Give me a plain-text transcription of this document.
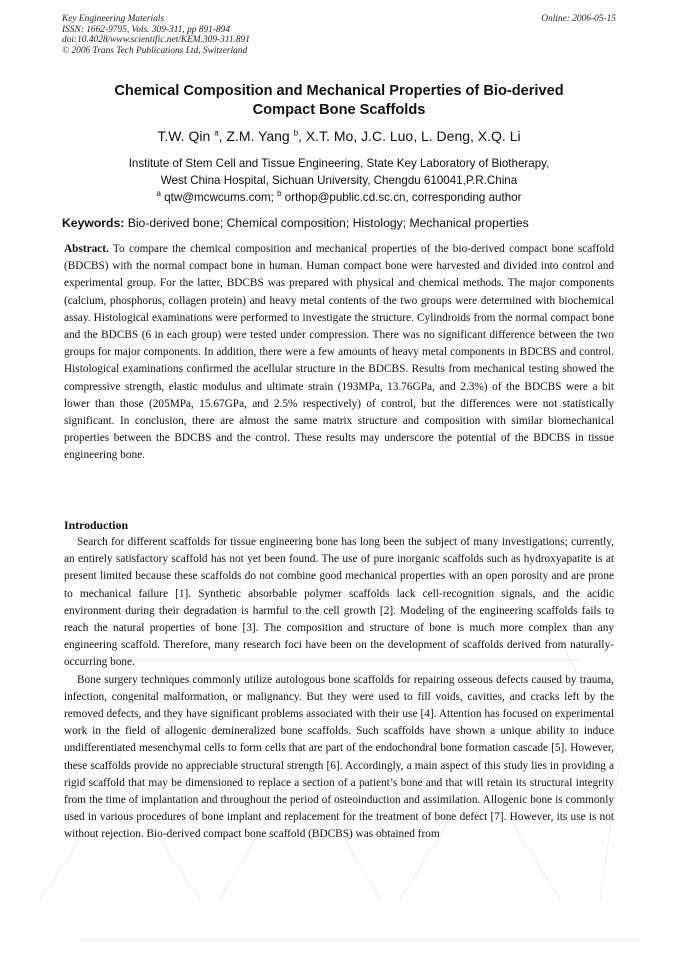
Key Engineering Materials
ISSN: 1662-9795, Vols. 309-311, pp 891-894
doi:10.4028/www.scientific.net/KEM.309-311.891
© 2006 Trans Tech Publications Ltd, Switzerland
Online: 2006-05-15
Chemical Composition and Mechanical Properties of Bio-derived
Compact Bone Scaffolds
T.W. Qin $^a$, Z.M. Yang $^b$, X.T. Mo, J.C. Luo, L. Deng, X.Q. Li
Institute of Stem Cell and Tissue Engineering, State Key Laboratory of Biotherapy,
West China Hospital, Sichuan University, Chengdu 610041,P.R.China
$^a$ qtw@mcwcums.com; $^b$ orthop@public.cd.sc.cn, corresponding author
Keywords: Bio-derived bone; Chemical composition; Histology; Mechanical properties

Abstract. To compare the chemical composition and mechanical properties of the bio-derived compact bone scaffold (BDCBS) with the normal compact bone in human. Human compact bone were harvested and divided into control and experimental group. For the latter, BDCBS was prepared with physical and chemical methods. The major components (calcium, phosphorus, collagen protein) and heavy metal contents of the two groups were determined with biochemical assay. Histological examinations were performed to investigate the structure. Cylindroids from the normal compact bone and the BDCBS (6 in each group) were tested under compression. There was no significant difference between the two groups for major components. In addition, there were a few amounts of heavy metal components in BDCBS and control. Histological examinations confirmed the acellular structure in the BDCBS. Results from mechanical testing showed the compressive strength, elastic modulus and ultimate strain (193MPa, 13.76GPa, and 2.3%) of the BDCBS were a bit lower than those (205MPa, 15.67GPa, and 2.5% respectively) of control, but the differences were not statistically significant. In conclusion, there are almost the same matrix structure and composition with similar biomechanical properties between the BDCBS and the control. These results may underscore the potential of the BDCBS in tissue engineering bone.

Introduction

Search for different scaffolds for tissue engineering bone has long been the subject of many investigations; currently, an entirely satisfactory scaffold has not yet been found. The use of pure inorganic scaffolds such as hydroxyapatite is at present limited because these scaffolds do not combine good mechanical properties with an open porosity and are prone to mechanical failure [1]. Synthetic absorbable polymer scaffolds lack cell-recognition signals, and the acidic environment during their degradation is harmful to the cell growth [2]. Modeling of the engineering scaffolds fails to reach the natural properties of bone [3]. The composition and structure of bone is much more complex than any engineering scaffold. Therefore, many research foci have been on the development of scaffolds derived from naturally-occurring bone.

Bone surgery techniques commonly utilize autologous bone scaffolds for repairing osseous defects caused by trauma, infection, congenital malformation, or malignancy. But they were used to fill voids, cavities, and cracks left by the removed defects, and they have significant problems associated with their use [4]. Attention has focused on experimental work in the field of allogenic demineralized bone scaffolds. Such scaffolds have shown a unique ability to induce undifferentiated mesenchymal cells to form cells that are part of the endochondral bone formation cascade [5]. However, these scaffolds provide no appreciable structural strength [6]. Accordingly, a main aspect of this study lies in providing a rigid scaffold that may be dimensioned to replace a section of a patient’s bone and that will retain its structural integrity from the time of implantation and throughout the period of osteoinduction and assimilation. Allogenic bone is commonly used in various procedures of bone implant and replacement for the treatment of bone defect [7]. However, its use is not without rejection. Bio-derived compact bone scaffold (BDCBS) was obtained from
